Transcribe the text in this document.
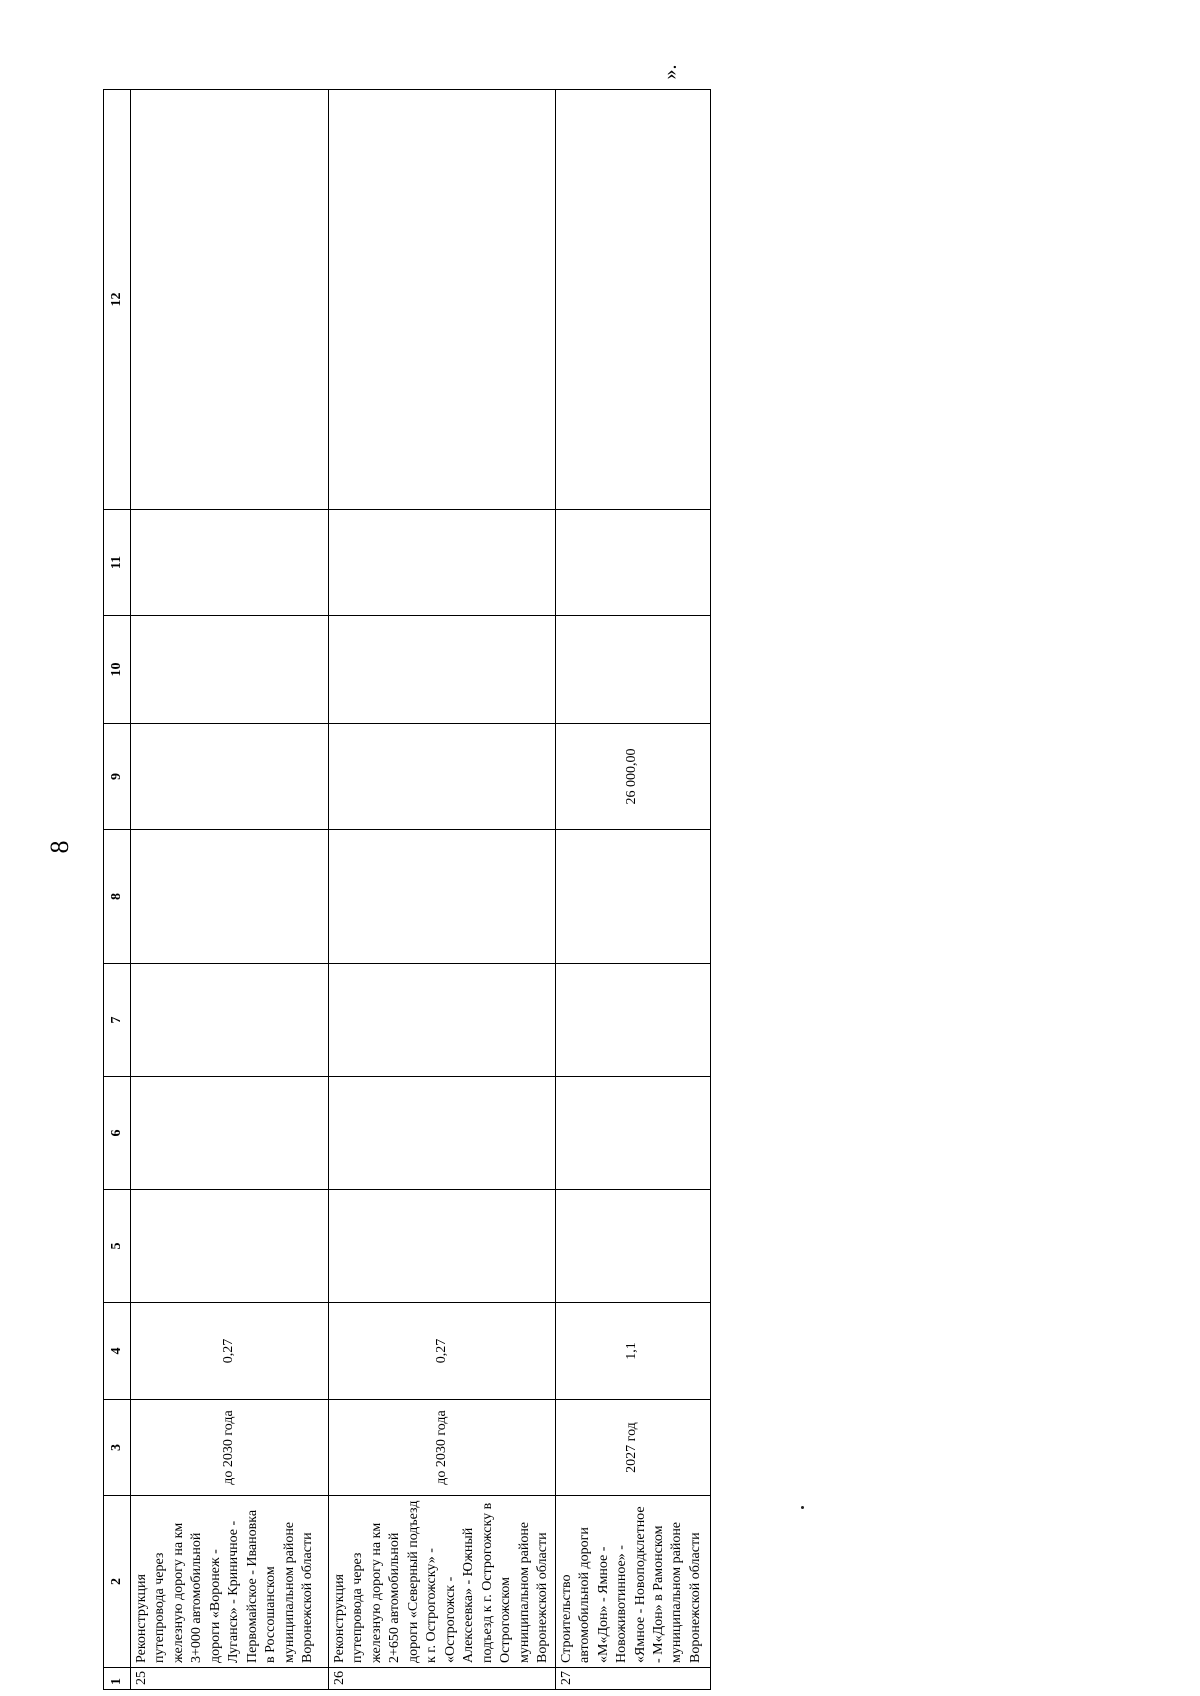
8
».
1	2	3	4	5	6	7	8	9	10	11	12
25	Реконструкция путепровода через железную дорогу на км 3+000 автомобильной дороги «Воронеж - Луганск» - Криничное - Первомайское - Ивановка в Россошанском муниципальном районе Воронежской области	до 2030 года	0,27								
26	Реконструкция путепровода через железную дорогу на км 2+650 автомобильной дороги «Северный подъезд к г. Острогожску» - «Острогожск - Алексеевка» - Южный подъезд к г. Острогожску в Острогожском муниципальном районе Воронежской области	до 2030 года	0,27								
27	Строительство автомобильной дороги «М«Дон» - Ямное - Новоживотинное» - «Ямное - Новоподклетное - М«Дон» в Рамонском муниципальном районе Воронежской области	2027 год	1,1					26 000,00			
